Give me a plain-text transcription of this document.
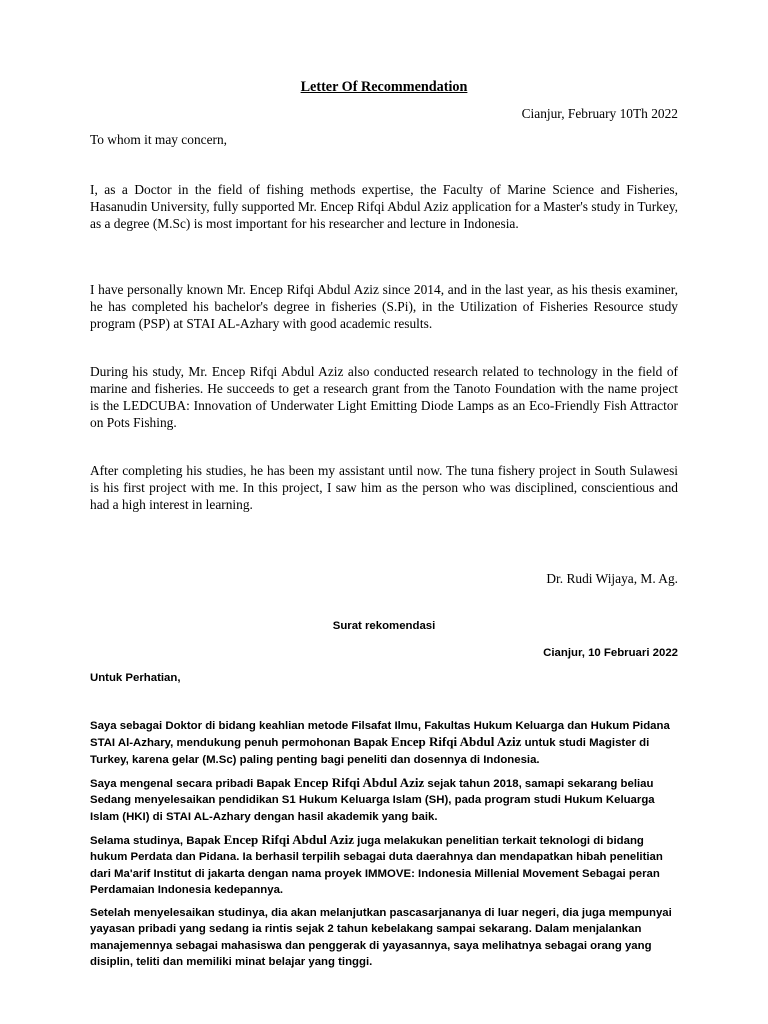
Letter Of Recommendation

Cianjur, February 10Th 2022

To whom it may concern,

I, as a Doctor in the field of fishing methods expertise, the Faculty of Marine Science and Fisheries, Hasanudin University, fully supported Mr. Encep Rifqi Abdul Aziz application for a Master's study in Turkey, as a degree (M.Sc) is most important for his researcher and lecture in Indonesia.

I have personally known Mr. Encep Rifqi Abdul Aziz since 2014, and in the last year, as his thesis examiner, he has completed his bachelor's degree in fisheries (S.Pi), in the Utilization of Fisheries Resource study program (PSP) at STAI AL-Azhary with good academic results.

During his study, Mr. Encep Rifqi Abdul Aziz also conducted research related to technology in the field of marine and fisheries. He succeeds to get a research grant from the Tanoto Foundation with the name project is the LEDCUBA: Innovation of Underwater Light Emitting Diode Lamps as an Eco-Friendly Fish Attractor on Pots Fishing.

After completing his studies, he has been my assistant until now. The tuna fishery project in South Sulawesi is his first project with me. In this project, I saw him as the person who was disciplined, conscientious and had a high interest in learning.

Dr. Rudi Wijaya, M. Ag.

Surat rekomendasi

Cianjur, 10 Februari 2022

Untuk Perhatian,

Saya sebagai Doktor di bidang keahlian metode Filsafat Ilmu, Fakultas Hukum Keluarga dan Hukum Pidana STAI Al-Azhary, mendukung penuh permohonan Bapak Encep Rifqi Abdul Aziz untuk studi Magister di Turkey, karena gelar (M.Sc) paling penting bagi peneliti dan dosennya di Indonesia.

Saya mengenal secara pribadi Bapak Encep Rifqi Abdul Aziz sejak tahun 2018, samapi sekarang beliau Sedang menyelesaikan pendidikan S1 Hukum Keluarga Islam (SH), pada program studi Hukum Keluarga Islam (HKI) di STAI AL-Azhary dengan hasil akademik yang baik.

Selama studinya, Bapak Encep Rifqi Abdul Aziz juga melakukan penelitian terkait teknologi di bidang hukum Perdata dan Pidana. Ia berhasil terpilih sebagai duta daerahnya dan mendapatkan hibah penelitian dari Ma'arif Institut di jakarta dengan nama proyek IMMOVE: Indonesia Millenial Movement Sebagai peran Perdamaian Indonesia kedepannya.

Setelah menyelesaikan studinya, dia akan melanjutkan pascasarjananya di luar negeri, dia juga mempunyai yayasan pribadi yang sedang ia rintis sejak 2 tahun kebelakang sampai sekarang. Dalam menjalankan manajemennya sebagai mahasiswa dan penggerak di yayasannya, saya melihatnya sebagai orang yang disiplin, teliti dan memiliki minat belajar yang tinggi.
